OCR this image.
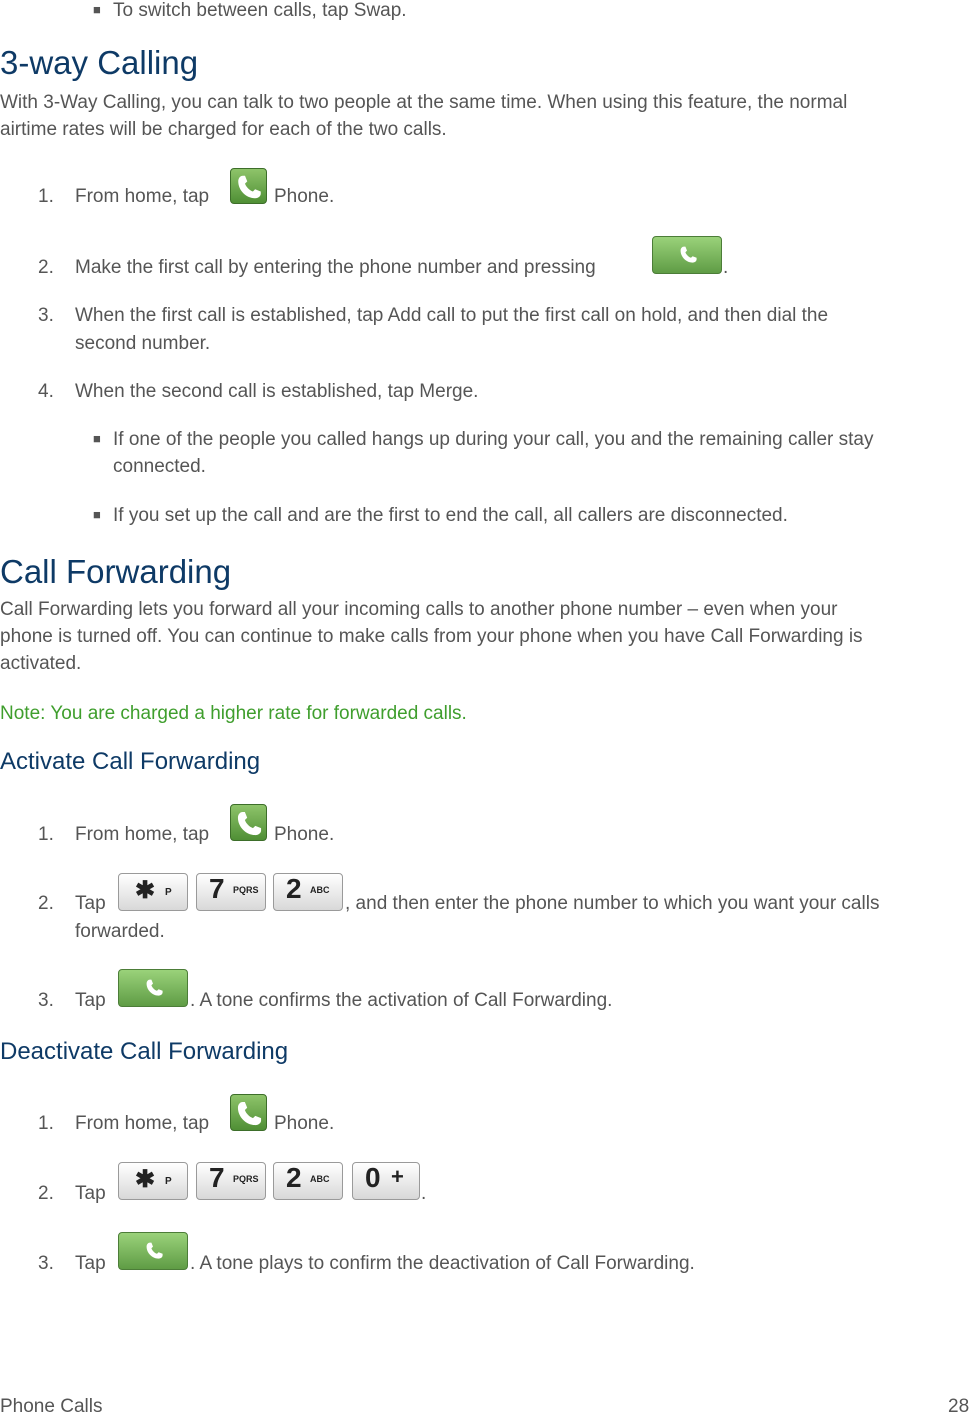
■ To switch between calls, tap Swap.
3-way Calling
With 3-Way Calling, you can talk to two people at the same time. When using this feature, the normal
airtime rates will be charged for each of the two calls.
1. From home, tap	Phone.
2. Make the first call by entering the phone number and pressing	.
3. When the first call is established, tap Add call to put the first call on hold, and then dial the
second number.
4. When the second call is established, tap Merge.
■ If one of the people you called hangs up during your call, you and the remaining caller stay
connected.
■ If you set up the call and are the first to end the call, all callers are disconnected.
Call Forwarding
Call Forwarding lets you forward all your incoming calls to another phone number – even when your
phone is turned off. You can continue to make calls from your phone when you have Call Forwarding is
activated.
Note: You are charged a higher rate for forwarded calls.
Activate Call Forwarding
1. From home, tap	Phone.
2. Tap ✱ P 7 PQRS 2 ABC
, and then enter the phone number to which you want your calls
forwarded.
3. Tap	. A tone confirms the activation of Call Forwarding.
Deactivate Call Forwarding
1. From home, tap	Phone.
2. Tap
✱ P 7 PQRS 2 ABC 0 +
.
3. Tap	. A tone plays to confirm the deactivation of Call Forwarding.
Phone Calls	28
